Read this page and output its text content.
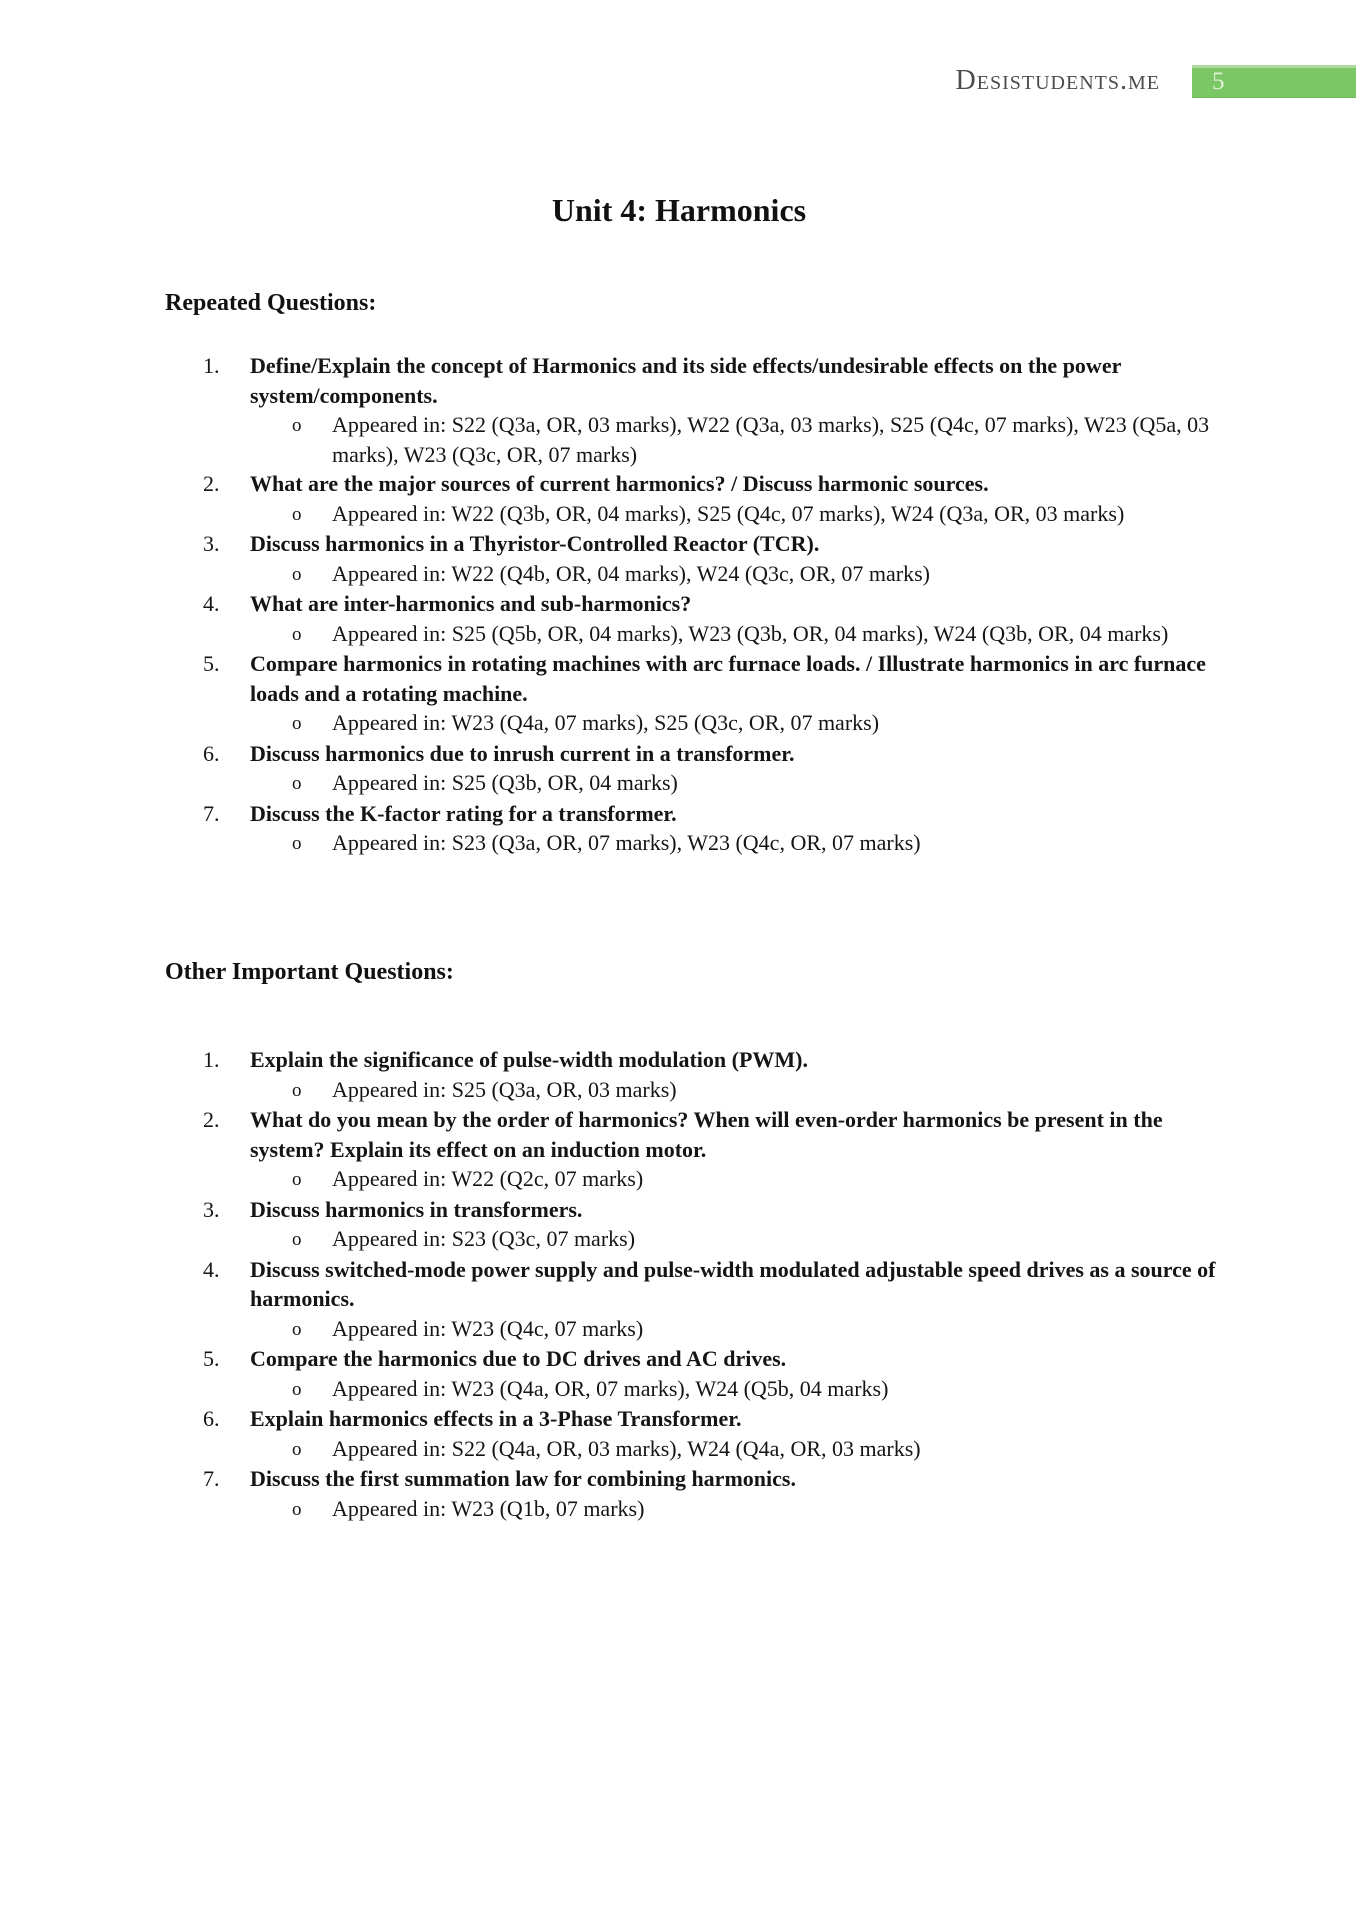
Desistudents.me	5
Unit 4: Harmonics
Repeated Questions:
1.	Define/Explain the concept of Harmonics and its side effects/undesirable effects on the power system/components.
o	Appeared in: S22 (Q3a, OR, 03 marks), W22 (Q3a, 03 marks), S25 (Q4c, 07 marks), W23 (Q5a, 03 marks), W23 (Q3c, OR, 07 marks)
2.	What are the major sources of current harmonics? / Discuss harmonic sources.
o	Appeared in: W22 (Q3b, OR, 04 marks), S25 (Q4c, 07 marks), W24 (Q3a, OR, 03 marks)
3.	Discuss harmonics in a Thyristor-Controlled Reactor (TCR).
o	Appeared in: W22 (Q4b, OR, 04 marks), W24 (Q3c, OR, 07 marks)
4.	What are inter-harmonics and sub-harmonics?
o	Appeared in: S25 (Q5b, OR, 04 marks), W23 (Q3b, OR, 04 marks), W24 (Q3b, OR, 04 marks)
5.	Compare harmonics in rotating machines with arc furnace loads. / Illustrate harmonics in arc furnace loads and a rotating machine.
o	Appeared in: W23 (Q4a, 07 marks), S25 (Q3c, OR, 07 marks)
6.	Discuss harmonics due to inrush current in a transformer.
o	Appeared in: S25 (Q3b, OR, 04 marks)
7.	Discuss the K-factor rating for a transformer.
o	Appeared in: S23 (Q3a, OR, 07 marks), W23 (Q4c, OR, 07 marks)
Other Important Questions:
1.	Explain the significance of pulse-width modulation (PWM).
o	Appeared in: S25 (Q3a, OR, 03 marks)
2.	What do you mean by the order of harmonics? When will even-order harmonics be present in the system? Explain its effect on an induction motor.
o	Appeared in: W22 (Q2c, 07 marks)
3.	Discuss harmonics in transformers.
o	Appeared in: S23 (Q3c, 07 marks)
4.	Discuss switched-mode power supply and pulse-width modulated adjustable speed drives as a source of harmonics.
o	Appeared in: W23 (Q4c, 07 marks)
5.	Compare the harmonics due to DC drives and AC drives.
o	Appeared in: W23 (Q4a, OR, 07 marks), W24 (Q5b, 04 marks)
6.	Explain harmonics effects in a 3-Phase Transformer.
o	Appeared in: S22 (Q4a, OR, 03 marks), W24 (Q4a, OR, 03 marks)
7.	Discuss the first summation law for combining harmonics.
o	Appeared in: W23 (Q1b, 07 marks)
